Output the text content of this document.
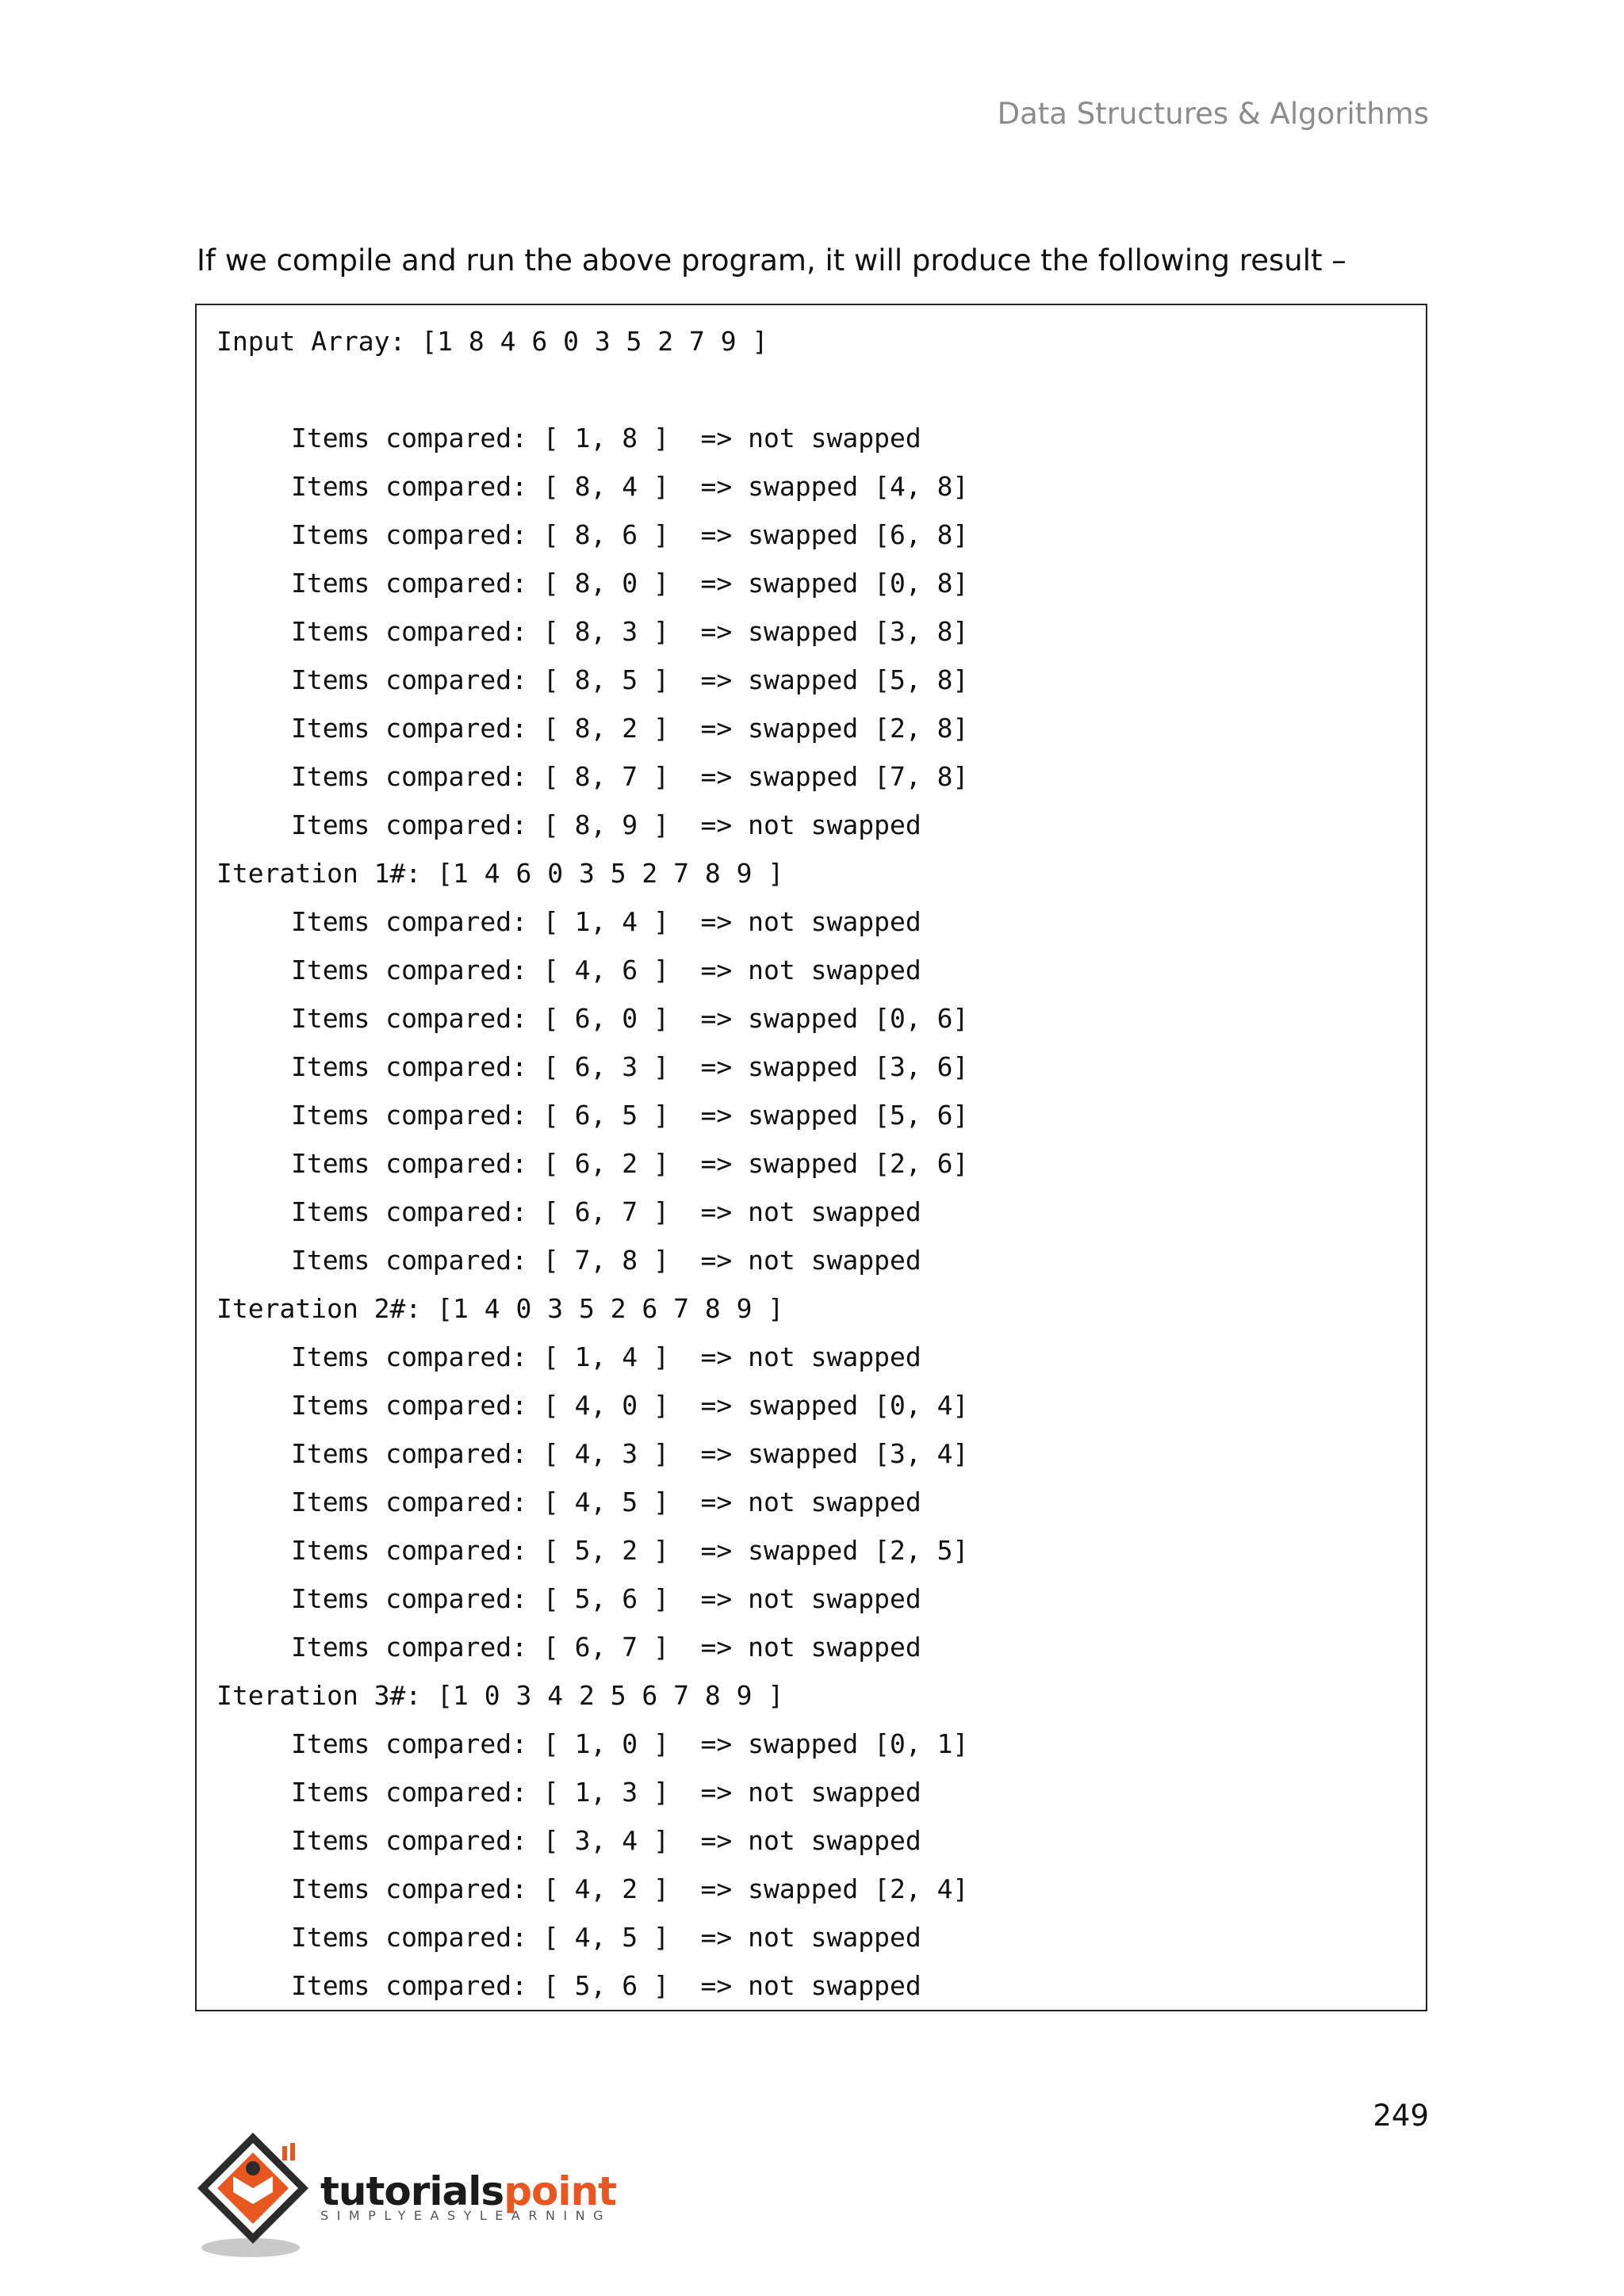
Data Structures & Algorithms
If we compile and run the above program, it will produce the following result –
Input Array: [1 8 4 6 0 3 5 2 7 9 ]
Items compared: [ 1, 8 ]  => not swapped
Items compared: [ 8, 4 ]  => swapped [4, 8]
Items compared: [ 8, 6 ]  => swapped [6, 8]
Items compared: [ 8, 0 ]  => swapped [0, 8]
Items compared: [ 8, 3 ]  => swapped [3, 8]
Items compared: [ 8, 5 ]  => swapped [5, 8]
Items compared: [ 8, 2 ]  => swapped [2, 8]
Items compared: [ 8, 7 ]  => swapped [7, 8]
Items compared: [ 8, 9 ]  => not swapped
Iteration 1#: [1 4 6 0 3 5 2 7 8 9 ]
Items compared: [ 1, 4 ]  => not swapped
Items compared: [ 4, 6 ]  => not swapped
Items compared: [ 6, 0 ]  => swapped [0, 6]
Items compared: [ 6, 3 ]  => swapped [3, 6]
Items compared: [ 6, 5 ]  => swapped [5, 6]
Items compared: [ 6, 2 ]  => swapped [2, 6]
Items compared: [ 6, 7 ]  => not swapped
Items compared: [ 7, 8 ]  => not swapped
Iteration 2#: [1 4 0 3 5 2 6 7 8 9 ]
Items compared: [ 1, 4 ]  => not swapped
Items compared: [ 4, 0 ]  => swapped [0, 4]
Items compared: [ 4, 3 ]  => swapped [3, 4]
Items compared: [ 4, 5 ]  => not swapped
Items compared: [ 5, 2 ]  => swapped [2, 5]
Items compared: [ 5, 6 ]  => not swapped
Items compared: [ 6, 7 ]  => not swapped
Iteration 3#: [1 0 3 4 2 5 6 7 8 9 ]
Items compared: [ 1, 0 ]  => swapped [0, 1]
Items compared: [ 1, 3 ]  => not swapped
Items compared: [ 3, 4 ]  => not swapped
Items compared: [ 4, 2 ]  => swapped [2, 4]
Items compared: [ 4, 5 ]  => not swapped
Items compared: [ 5, 6 ]  => not swapped
249
tutorialspoint
SIMPLYEASYLEARNING
